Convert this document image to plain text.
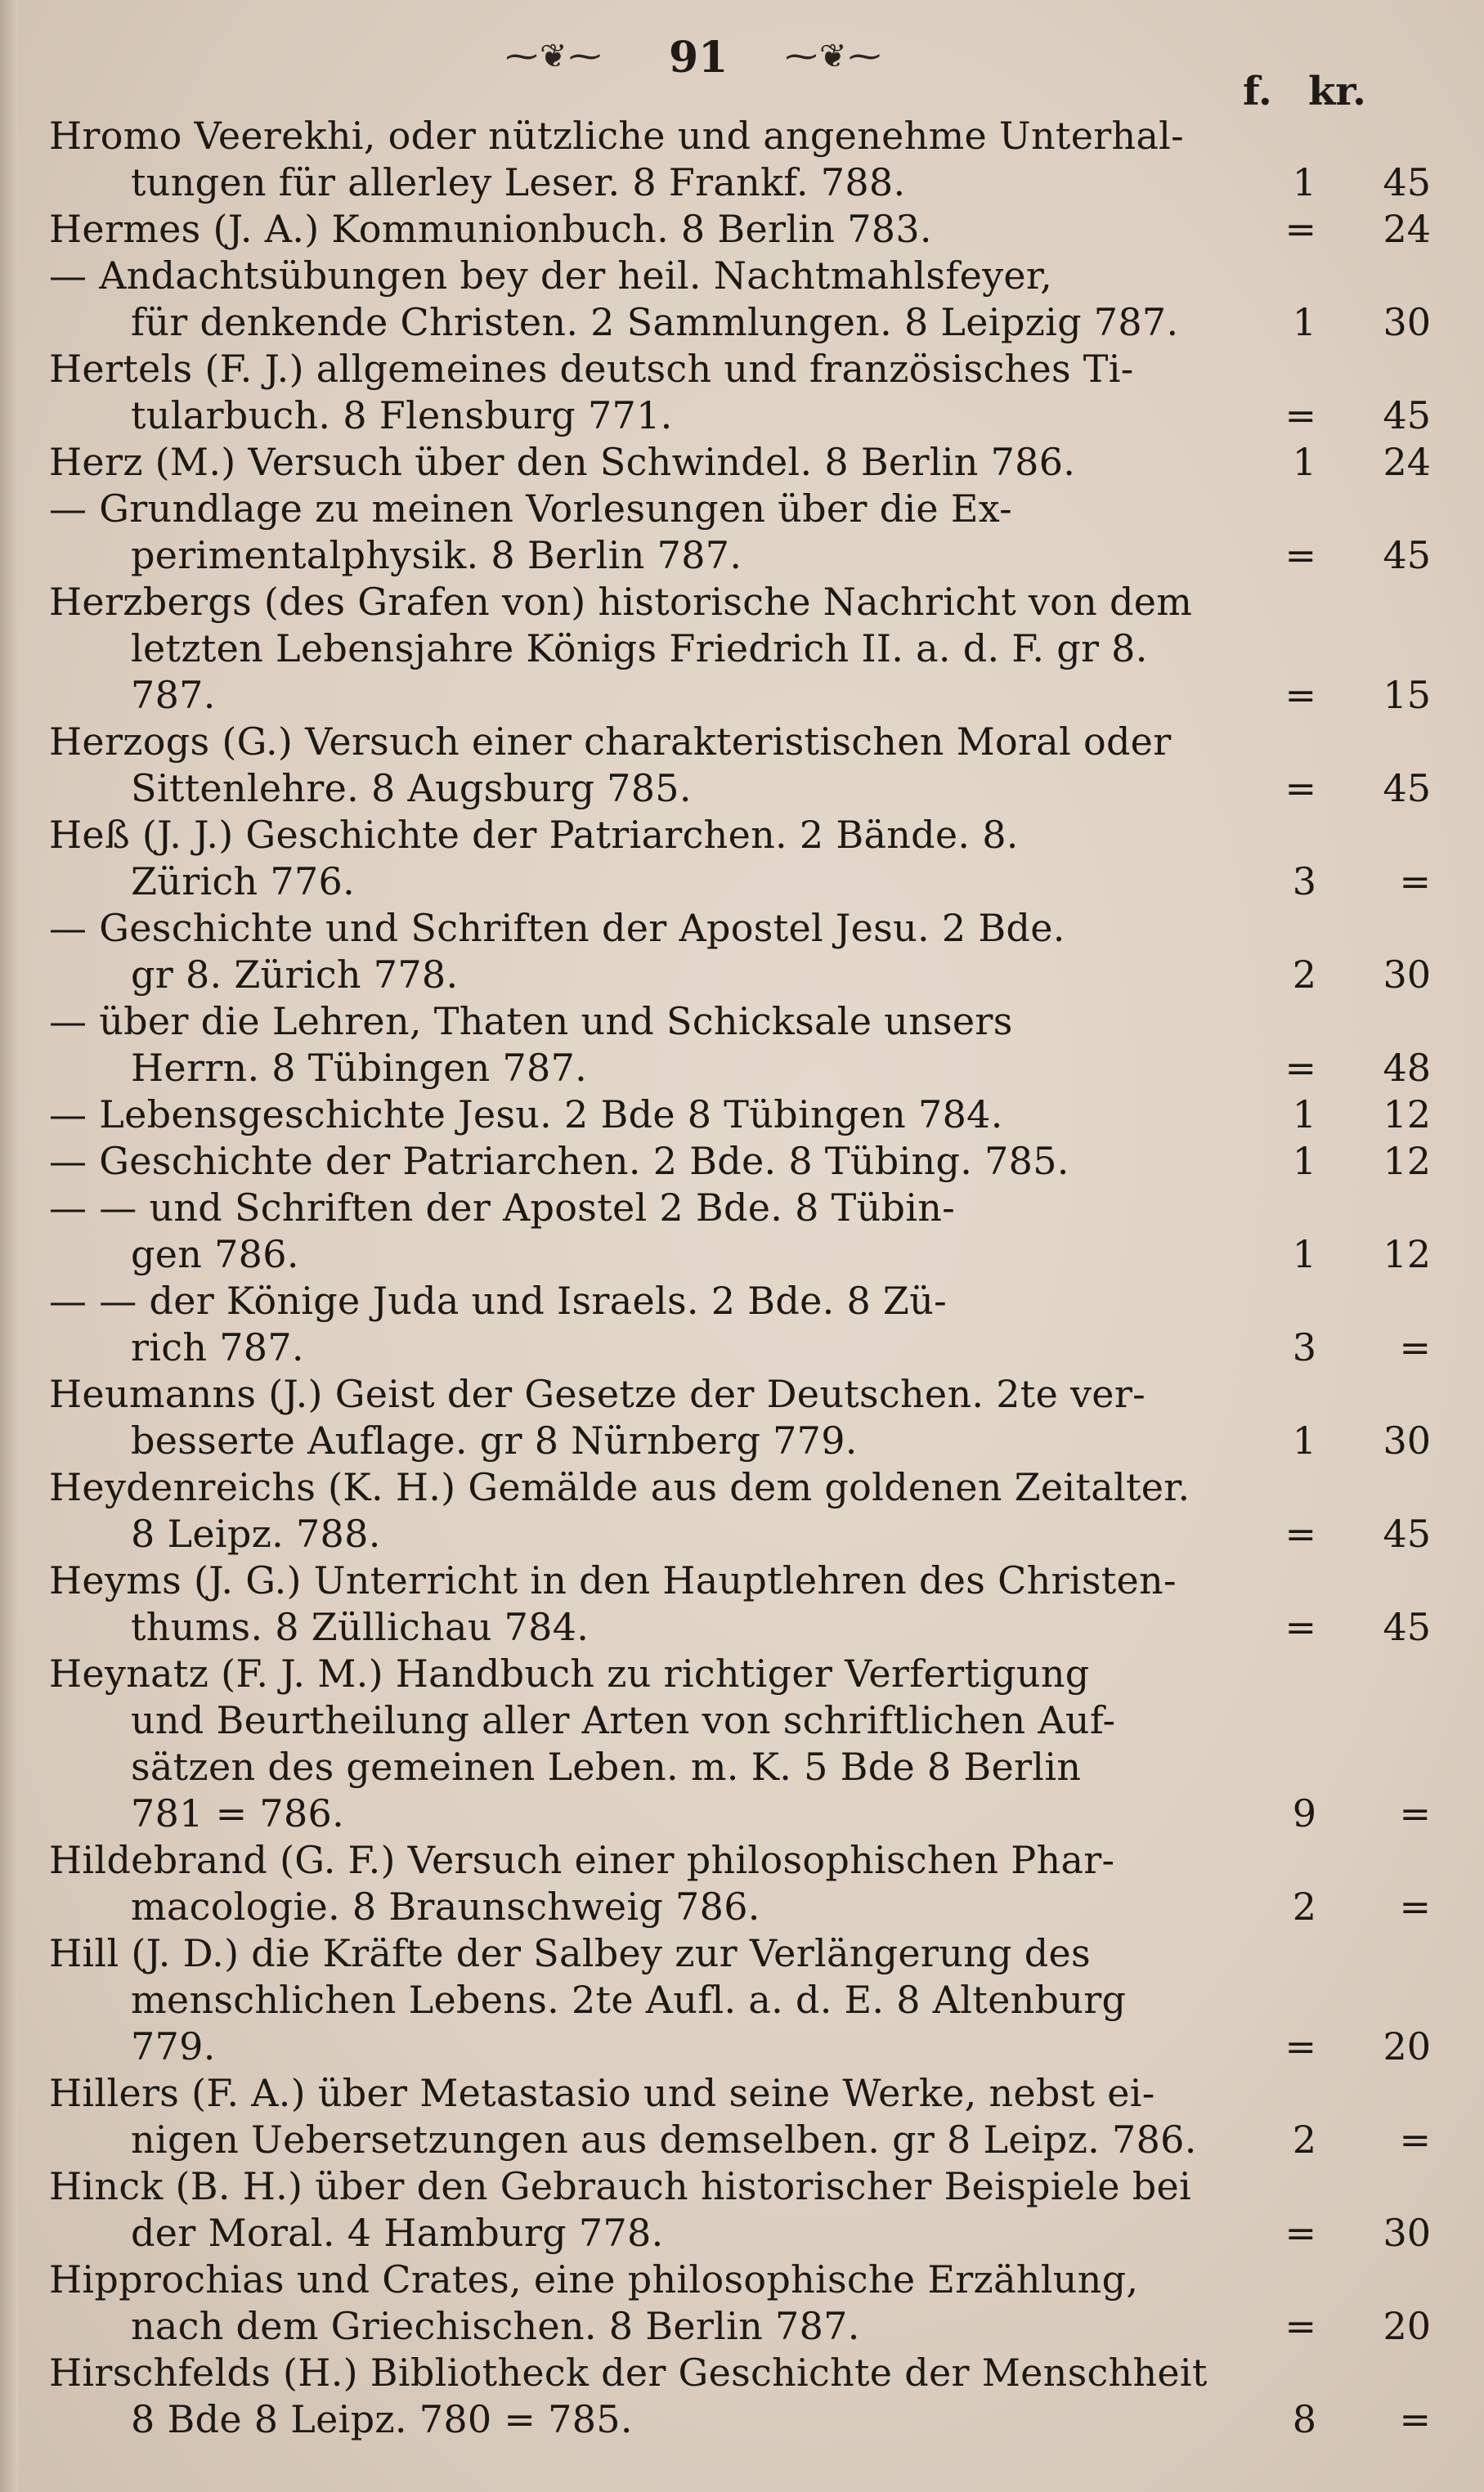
⁓❦⁓ 91 ⁓❦⁓
f. kr.
Hromo Veerekhi, oder nützliche und angenehme Unterhal-
tungen für allerley Leser. 8 Frankf. 788.	1	45
Hermes (J. A.) Kommunionbuch. 8 Berlin 783.	=	24
— Andachtsübungen bey der heil. Nachtmahlsfeyer,
für denkende Christen. 2 Sammlungen. 8 Leipzig 787.	1	30
Hertels (F. J.) allgemeines deutsch und französisches Ti-
tularbuch. 8 Flensburg 771.	=	45
Herz (M.) Versuch über den Schwindel. 8 Berlin 786.	1	24
— Grundlage zu meinen Vorlesungen über die Ex-
perimentalphysik. 8 Berlin 787.	=	45
Herzbergs (des Grafen von) historische Nachricht von dem
letzten Lebensjahre Königs Friedrich II. a. d. F. gr 8.
787.	=	15
Herzogs (G.) Versuch einer charakteristischen Moral oder
Sittenlehre. 8 Augsburg 785.	=	45
Heß (J. J.) Geschichte der Patriarchen. 2 Bände. 8.
Zürich 776.	3	=
— Geschichte und Schriften der Apostel Jesu. 2 Bde.
gr 8. Zürich 778.	2	30
— über die Lehren, Thaten und Schicksale unsers
Herrn. 8 Tübingen 787.	=	48
— Lebensgeschichte Jesu. 2 Bde 8 Tübingen 784.	1	12
— Geschichte der Patriarchen. 2 Bde. 8 Tübing. 785.	1	12
— — und Schriften der Apostel 2 Bde. 8 Tübin-
gen 786.	1	12
— — der Könige Juda und Israels. 2 Bde. 8 Zü-
rich 787.	3	=
Heumanns (J.) Geist der Gesetze der Deutschen. 2te ver-
besserte Auflage. gr 8 Nürnberg 779.	1	30
Heydenreichs (K. H.) Gemälde aus dem goldenen Zeitalter.
8 Leipz. 788.	=	45
Heyms (J. G.) Unterricht in den Hauptlehren des Christen-
thums. 8 Züllichau 784.	=	45
Heynatz (F. J. M.) Handbuch zu richtiger Verfertigung
und Beurtheilung aller Arten von schriftlichen Auf-
sätzen des gemeinen Leben. m. K. 5 Bde 8 Berlin
781 = 786.	9	=
Hildebrand (G. F.) Versuch einer philosophischen Phar-
macologie. 8 Braunschweig 786.	2	=
Hill (J. D.) die Kräfte der Salbey zur Verlängerung des
menschlichen Lebens. 2te Aufl. a. d. E. 8 Altenburg
779.	=	20
Hillers (F. A.) über Metastasio und seine Werke, nebst ei-
nigen Uebersetzungen aus demselben. gr 8 Leipz. 786.	2	=
Hinck (B. H.) über den Gebrauch historischer Beispiele bei
der Moral. 4 Hamburg 778.	=	30
Hipprochias und Crates, eine philosophische Erzählung,
nach dem Griechischen. 8 Berlin 787.	=	20
Hirschfelds (H.) Bibliotheck der Geschichte der Menschheit
8 Bde 8 Leipz. 780 = 785.	8	=
